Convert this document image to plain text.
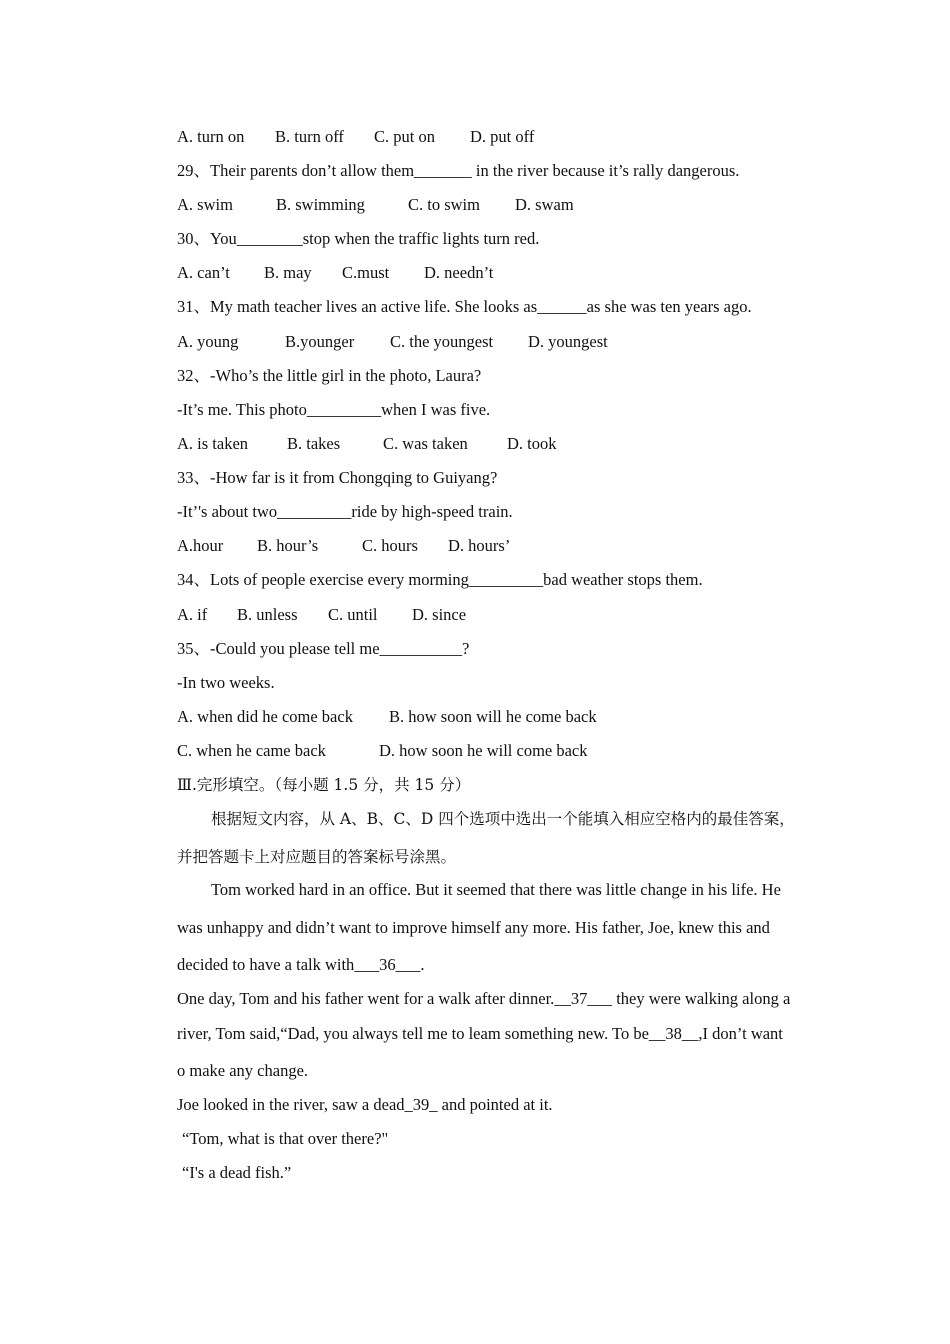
A. turn on B. turn off C. put on D. put off
29、Their parents don’t allow them_______ in the river because it’s rally dangerous.
A. swim	B. swimming	C. to swim D. swam
30、You________stop when the traffic lights turn red.
A. can’t B. may C.must D. needn’t
31、My math teacher lives an active life. She looks as______as she was ten years ago.
A. young	B.younger C. the youngest D. youngest
32、-Who’s the little girl in the photo, Laura?
-It’s me. This photo_________when I was five.
A. is taken B. takes	C. was taken D. took
33、-How far is it from Chongqing to Guiyang?
-It’'s about two_________ride by high-speed train.
A.hour B. hour’s	C. hours D. hours’
34、Lots of people exercise every morming_________bad weather stops them.
A. if B. unless C. until D. since
35、-Could you please tell me__________?
-In two weeks.
A. when did he come back B. how soon will he come back
C. when he came back	D. how soon he will come back
Ⅲ.完形填空。（每小题 1.5 分，共 15 分）
根据短文内容，从 A、B、C、D 四个选项中选出一个能填入相应空格内的最佳答案，
并把答题卡上对应题目的答案标号涂黑。
Tom worked hard in an office. But it seemed that there was little change in his life. He
was unhappy and didn’t want to improve himself any more. His father, Joe, knew this and
decided to have a talk with___36___.
One day, Tom and his father went for a walk after dinner.__37___ they were walking along a
river, Tom said,“Dad, you always tell me to leam something new. To be__38__,I don’t want
o make any change.
Joe looked in the river, saw a dead_39_ and pointed at it.
“Tom, what is that over there?"
“I's a dead fish.”
